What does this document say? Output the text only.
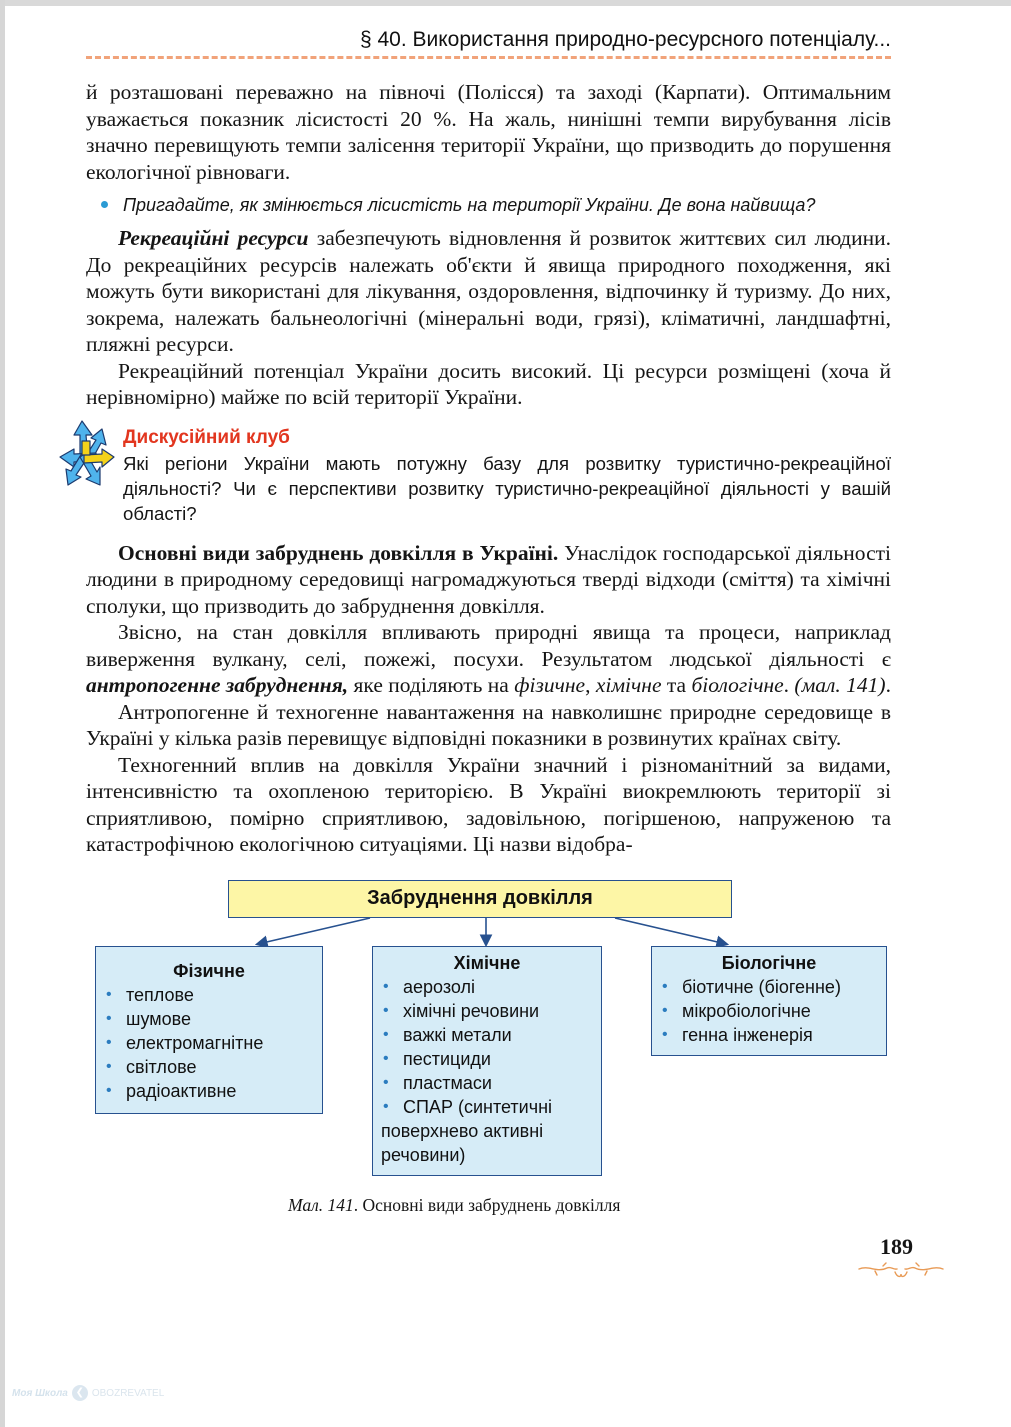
Моя Школа ❮ OBOZREVATEL
§ 40. Використання природно-ресурсного потенціалу...

й розташовані переважно на півночі (Полісся) та заході (Карпати). Оптимальним уважається показник лісистості 20 %. На жаль, нинішні темпи вирубування лісів значно перевищують темпи залісення території України, що призводить до порушення екологічної рівноваги.

Пригадайте, як змінюється лісистість на території України. Де вона найвища?

Рекреаційні ресурси забезпечують відновлення й розвиток життєвих сил людини. До рекреаційних ресурсів належать об'єкти й явища природного походження, які можуть бути використані для лікування, оздоровлення, відпочинку й туризму. До них, зокрема, належать бальнеологічні (мінеральні води, грязі), кліматичні, ландшафтні, пляжні ресурси.

Рекреаційний потенціал України досить високий. Ці ресурси розміщені (хоча й нерівномірно) майже по всій території України.

Дискусійний клуб
Які регіони України мають потужну базу для розвитку туристично-рекреаційної діяльності? Чи є перспективи розвитку туристично-рекреаційної діяльності у вашій області?

Основні види забруднень довкілля в Україні. Унаслідок господарської діяльності людини в природному середовищі нагромаджуються тверді відходи (сміття) та хімічні сполуки, що призводить до забруднення довкілля.

Звісно, на стан довкілля впливають природні явища та процеси, наприклад виверження вулкану, селі, пожежі, посухи. Результатом людської діяльності є антропогенне забруднення, яке поділяють на фізичне, хімічне та біологічне. (мал. 141).

Антропогенне й техногенне навантаження на навколишнє природне середовище в Україні у кілька разів перевищує відповідні показники в розвинутих країнах світу.

Техногенний вплив на довкілля України значний і різноманітний за видами, інтенсивністю та охопленою територією. В Україні виокремлюють території зі сприятливою, помірно сприятливою, задовільною, погіршеною, напруженою та катастрофічною екологічною ситуаціями. Ці назви відобра-

Забруднення довкілля
Фізичне
• теплове
• шумове
• електромагнітне
• світлове
• радіоактивне
Хімічне
• аерозолі
• хімічні речовини
• важкі метали
• пестициди
• пластмаси
• СПАР (синтетичні
поверхнево активні
речовини)
Біологічне
• біотичне (біогенне)
• мікробіологічне
• генна інженерія
Мал. 141. Основні види забруднень довкілля
189
